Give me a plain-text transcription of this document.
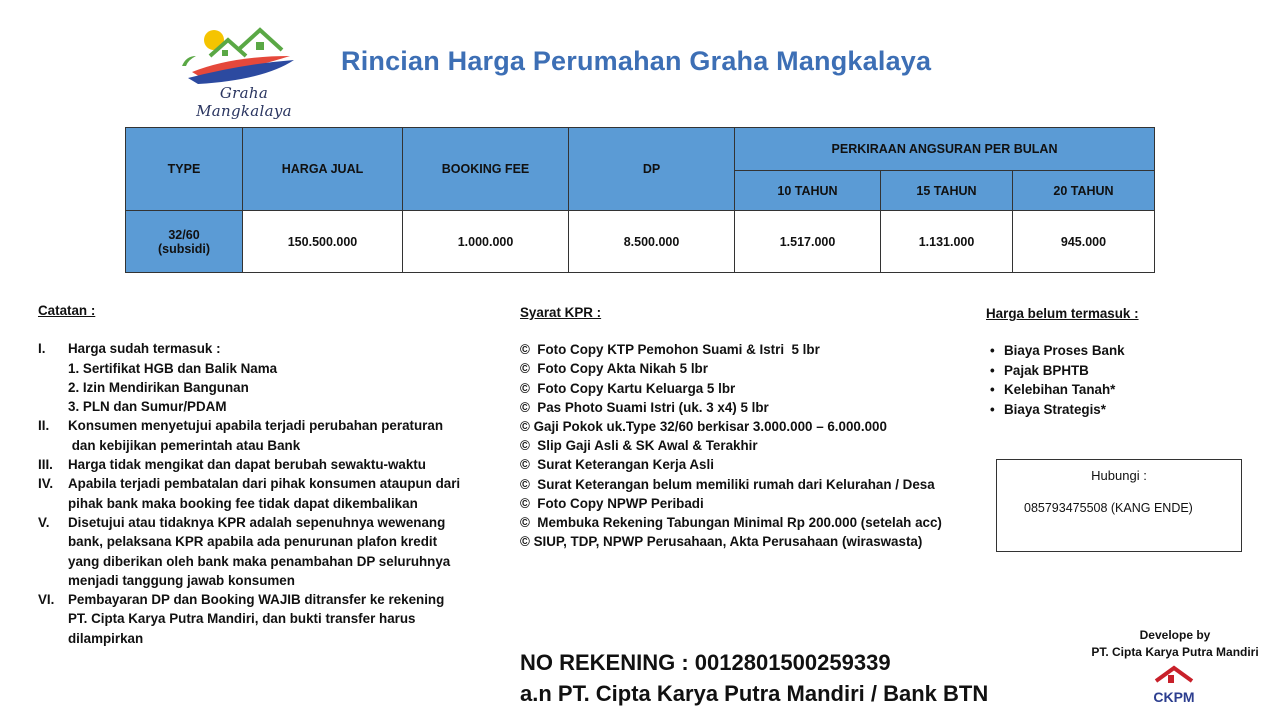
Graha Mangkalaya
Rincian Harga Perumahan Graha Mangkalaya
TYPE	HARGA JUAL	BOOKING FEE	DP	PERKIRAAN ANGSURAN PER BULAN		
				10 TAHUN	15 TAHUN	20 TAHUN

32/60
(subsidi)	150.500.000	1.000.000	8.500.000	1.517.000	1.131.000	945.000
Catatan :
I.	Harga sudah termasuk :
1. Sertifikat HGB dan Balik Nama
2. Izin Mendirikan Bangunan
3. PLN dan Sumur/PDAM
II.	Konsumen menyetujui apabila terjadi perubahan peraturan
dan kebijikan pemerintah atau Bank
III.	Harga tidak mengikat dan dapat berubah sewaktu-waktu
IV.	Apabila terjadi pembatalan dari pihak konsumen ataupun dari
pihak bank maka booking fee tidak dapat dikembalikan
V.	Disetujui atau tidaknya KPR adalah sepenuhnya wewenang
bank, pelaksana KPR apabila ada penurunan plafon kredit
yang diberikan oleh bank maka penambahan DP seluruhnya
menjadi tanggung jawab konsumen
VI.	Pembayaran DP dan Booking WAJIB ditransfer ke rekening
PT. Cipta Karya Putra Mandiri, dan bukti transfer harus
dilampirkan
Syarat KPR :
©  Foto Copy KTP Pemohon Suami & Istri  5 lbr
©  Foto Copy Akta Nikah 5 lbr
©  Foto Copy Kartu Keluarga 5 lbr
©  Pas Photo Suami Istri (uk. 3 x4) 5 lbr
© Gaji Pokok uk.Type 32/60 berkisar 3.000.000 – 6.000.000
©  Slip Gaji Asli & SK Awal & Terakhir
©  Surat Keterangan Kerja Asli
©  Surat Keterangan belum memiliki rumah dari Kelurahan / Desa
©  Foto Copy NPWP Peribadi
©  Membuka Rekening Tabungan Minimal Rp 200.000 (setelah acc)
© SIUP, TDP, NPWP Perusahaan, Akta Perusahaan (wiraswasta)
Harga belum termasuk :
• Biaya Proses Bank
• Pajak BPHTB
• Kelebihan Tanah*
• Biaya Strategis*
Hubungi :
085793475508 (KANG ENDE)
NO REKENING : 0012801500259339
a.n PT. Cipta Karya Putra Mandiri / Bank BTN
Develope by
PT. Cipta Karya Putra Mandiri
CKPM
